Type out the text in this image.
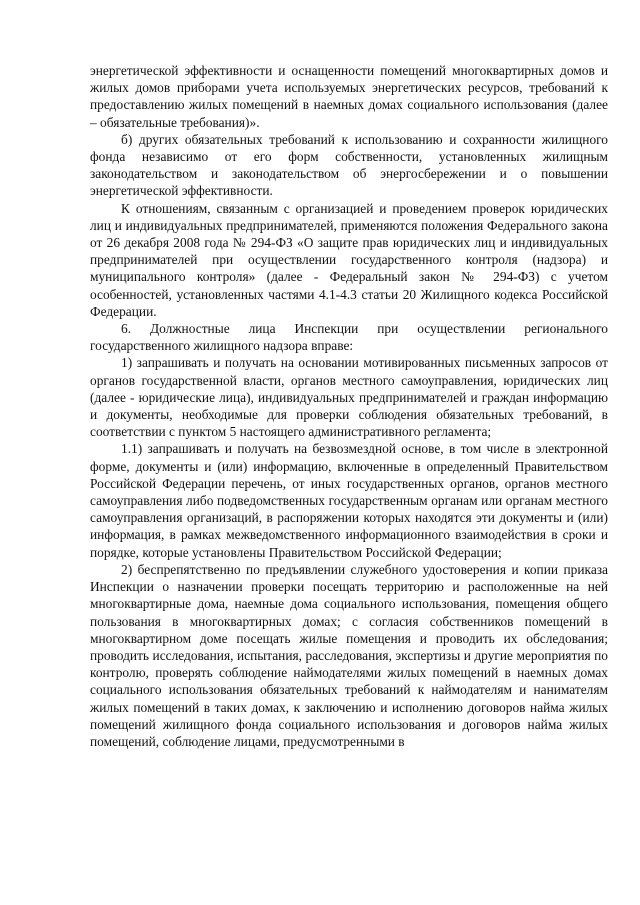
энергетической эффективности и оснащенности помещений многоквартирных домов и жилых домов приборами учета используемых энергетических ресурсов, требований к предоставлению жилых помещений в наемных домах социального использования (далее – обязательные требования)».

б) других обязательных требований к использованию и сохранности жилищного фонда независимо от его форм собственности, установленных жилищным законодательством и законодательством об энергосбережении и о повышении энергетической эффективности.

К отношениям, связанным с организацией и проведением проверок юридических лиц и индивидуальных предпринимателей, применяются положения Федерального закона от 26 декабря 2008 года № 294-ФЗ «О защите прав юридических лиц и индивидуальных предпринимателей при осуществлении государственного контроля (надзора) и муниципального контроля» (далее - Федеральный закон № 294-ФЗ) с учетом особенностей, установленных частями 4.1-4.3 статьи 20 Жилищного кодекса Российской Федерации.

6. Должностные лица Инспекции при осуществлении регионального государственного жилищного надзора вправе:

1) запрашивать и получать на основании мотивированных письменных запросов от органов государственной власти, органов местного самоуправления, юридических лиц (далее - юридические лица), индивидуальных предпринимателей и граждан информацию и документы, необходимые для проверки соблюдения обязательных требований, в соответствии с пунктом 5 настоящего административного регламента;

1.1) запрашивать и получать на безвозмездной основе, в том числе в электронной форме, документы и (или) информацию, включенные в определенный Правительством Российской Федерации перечень, от иных государственных органов, органов местного самоуправления либо подведомственных государственным органам или органам местного самоуправления организаций, в распоряжении которых находятся эти документы и (или) информация, в рамках межведомственного информационного взаимодействия в сроки и порядке, которые установлены Правительством Российской Федерации;

2) беспрепятственно по предъявлении служебного удостоверения и копии приказа Инспекции о назначении проверки посещать территорию и расположенные на ней многоквартирные дома, наемные дома социального использования, помещения общего пользования в многоквартирных домах; с согласия собственников помещений в многоквартирном доме посещать жилые помещения и проводить их обследования; проводить исследования, испытания, расследования, экспертизы и другие мероприятия по контролю, проверять соблюдение наймодателями жилых помещений в наемных домах социального использования обязательных требований к наймодателям и нанимателям жилых помещений в таких домах, к заключению и исполнению договоров найма жилых помещений жилищного фонда социального использования и договоров найма жилых помещений, соблюдение лицами, предусмотренными в
